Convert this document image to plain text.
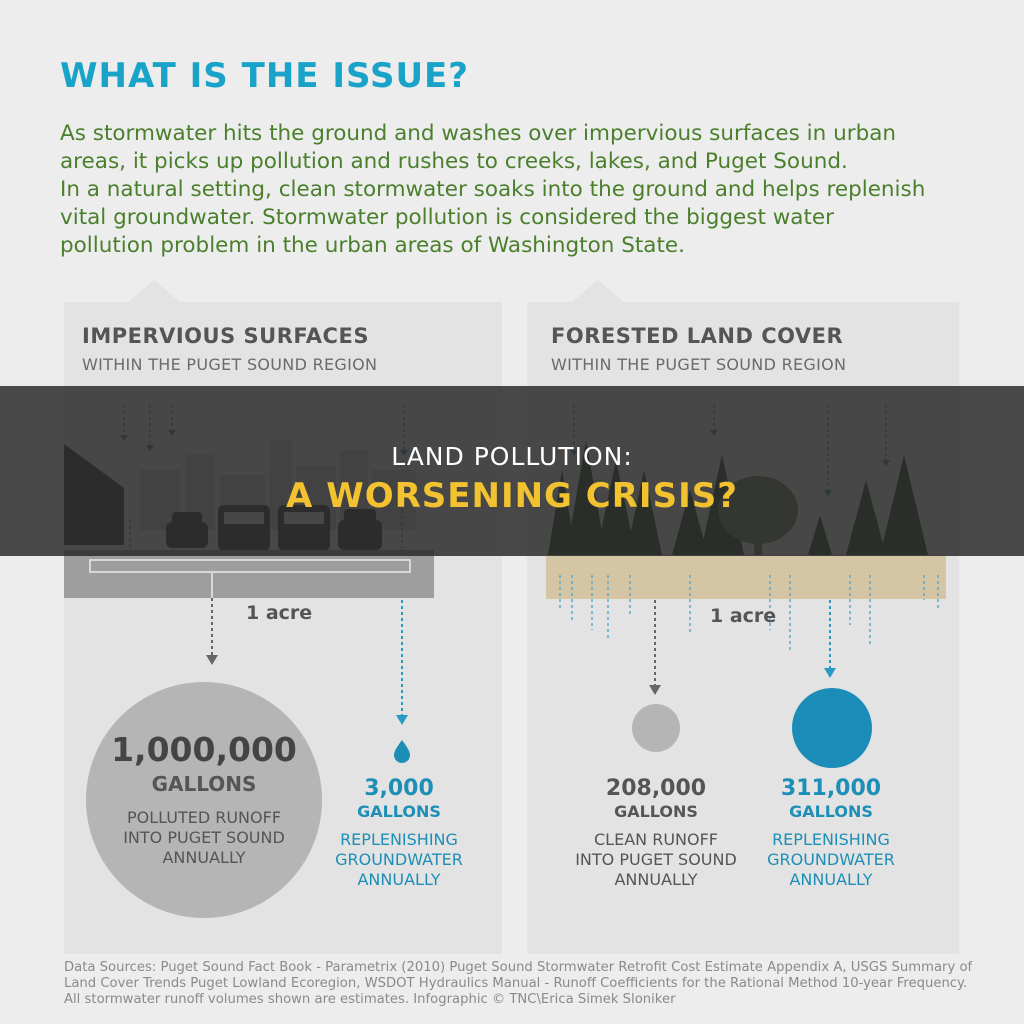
WHAT IS THE ISSUE?
As stormwater hits the ground and washes over impervious surfaces in urban
areas, it picks up pollution and rushes to creeks, lakes, and Puget Sound.
In a natural setting, clean stormwater soaks into the ground and helps replenish
vital groundwater. Stormwater pollution is considered the biggest water
pollution problem in the urban areas of Washington State.
IMPERVIOUS SURFACES
WITHIN THE PUGET SOUND REGION
1 acre
1,000,000
GALLONS
POLLUTED RUNOFF
INTO PUGET SOUND
ANNUALLY
3,000
GALLONS
REPLENISHING
GROUNDWATER
ANNUALLY
FORESTED LAND COVER
WITHIN THE PUGET SOUND REGION
1 acre
208,000
GALLONS
CLEAN RUNOFF
INTO PUGET SOUND
ANNUALLY
311,000
GALLONS
REPLENISHING
GROUNDWATER
ANNUALLY
LAND POLLUTION:
A WORSENING CRISIS?
Data Sources: Puget Sound Fact Book - Parametrix (2010) Puget Sound Stormwater Retrofit Cost Estimate Appendix A, USGS Summary of
Land Cover Trends Puget Lowland Ecoregion, WSDOT Hydraulics Manual - Runoff Coefficients for the Rational Method 10-year Frequency.
All stormwater runoff volumes shown are estimates. Infographic © TNC\Erica Simek Sloniker
